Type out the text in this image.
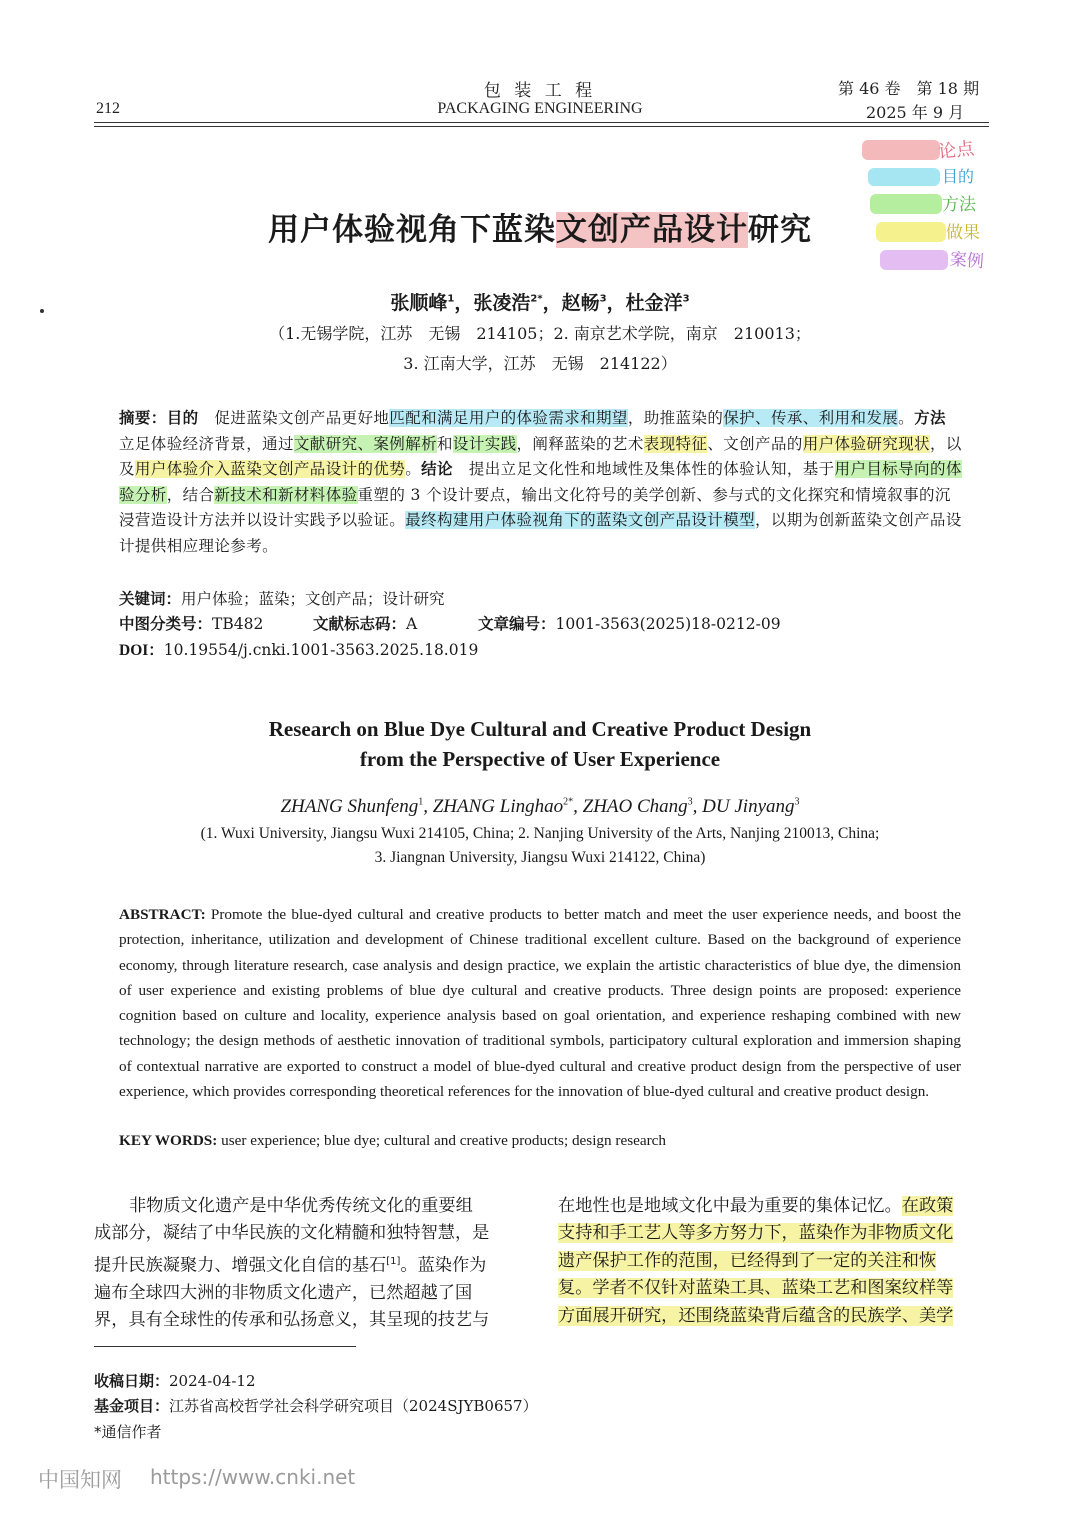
包 装 工 程
PACKAGING ENGINEERING
212
第 46 卷　第 18 期
2025 年 9 月
论点
目的
方法
做果
案例
用户体验视角下蓝染文创产品设计研究
张顺峰$^1$，张凌浩$^{2*}$，赵畅$^3$，杜金洋$^3$
（1.无锡学院，江苏　无锡　214105；2. 南京艺术学院，南京　210013；
3. 江南大学，江苏　无锡　214122）
摘要：目的　 促进蓝染文创产品更好地匹配和满足用户的体验需求和期望，助推蓝染的保护、传承、利用和发展。方法　立足体验经济背景，通过文献研究、案例解析和设计实践，阐释蓝染的艺术表现特征、文创产品的用户体验研究现状，以及用户体验介入蓝染文创产品设计的优势。结论　 提出立足文化性和地域性及集体性的体验认知，基于用户目标导向的体验分析，结合新技术和新材料体验重塑的 3 个设计要点，输出文化符号的美学创新、参与式的文化探究和情境叙事的沉浸营造设计方法并以设计实践予以验证。最终构建用户体验视角下的蓝染文创产品设计模型，以期为创新蓝染文创产品设计提供相应理论参考。
关键词：用户体验；蓝染；文创产品；设计研究
中图分类号：TB482	文献标志码：A	文章编号：1001-3563(2025)18-0212-09
DOI：10.19554/j.cnki.1001-3563.2025.18.019
Research on Blue Dye Cultural and Creative Product Design
from the Perspective of User Experience
ZHANG Shunfeng$^1$, ZHANG Linghao$^{2*}$, ZHAO Chang$^3$, DU Jinyang$^3$
(1. Wuxi University, Jiangsu Wuxi 214105, China; 2. Nanjing University of the Arts, Nanjing 210013, China;
3. Jiangnan University, Jiangsu Wuxi 214122, China)
ABSTRACT: Promote the blue-dyed cultural and creative products to better match and meet the user experience needs, and boost the protection, inheritance, utilization and development of Chinese traditional excellent culture. Based on the background of experience economy, through literature research, case analysis and design practice, we explain the artistic characteristics of blue dye, the dimension of user experience and existing problems of blue dye cultural and creative products. Three design points are proposed: experience cognition based on culture and locality, experience analysis based on goal orientation, and experience reshaping combined with new technology; the design methods of aesthetic innovation of traditional symbols, participatory cultural exploration and immersion shaping of contextual narrative are exported to construct a model of blue-dyed cultural and creative product design from the perspective of user experience, which provides corresponding theoretical references for the innovation of blue-dyed cultural and creative product design.
KEY WORDS: user experience; blue dye; cultural and creative products; design research
非物质文化遗产是中华优秀传统文化的重要组
成部分，凝结了中华民族的文化精髓和独特智慧，是
提升民族凝聚力、增强文化自信的基石[1]。蓝染作为
遍布全球四大洲的非物质文化遗产，已然超越了国
界，具有全球性的传承和弘扬意义，其呈现的技艺与
在地性也是地域文化中最为重要的集体记忆。在政策
支持和手工艺人等多方努力下，蓝染作为非物质文化
遗产保护工作的范围，已经得到了一定的关注和恢
复。学者不仅针对蓝染工具、蓝染工艺和图案纹样等
方面展开研究，还围绕蓝染背后蕴含的民族学、美学
收稿日期：2024-04-12
基金项目：江苏省高校哲学社会科学研究项目（2024SJYB0657）
*通信作者
中国知网 https://www.cnki.net
